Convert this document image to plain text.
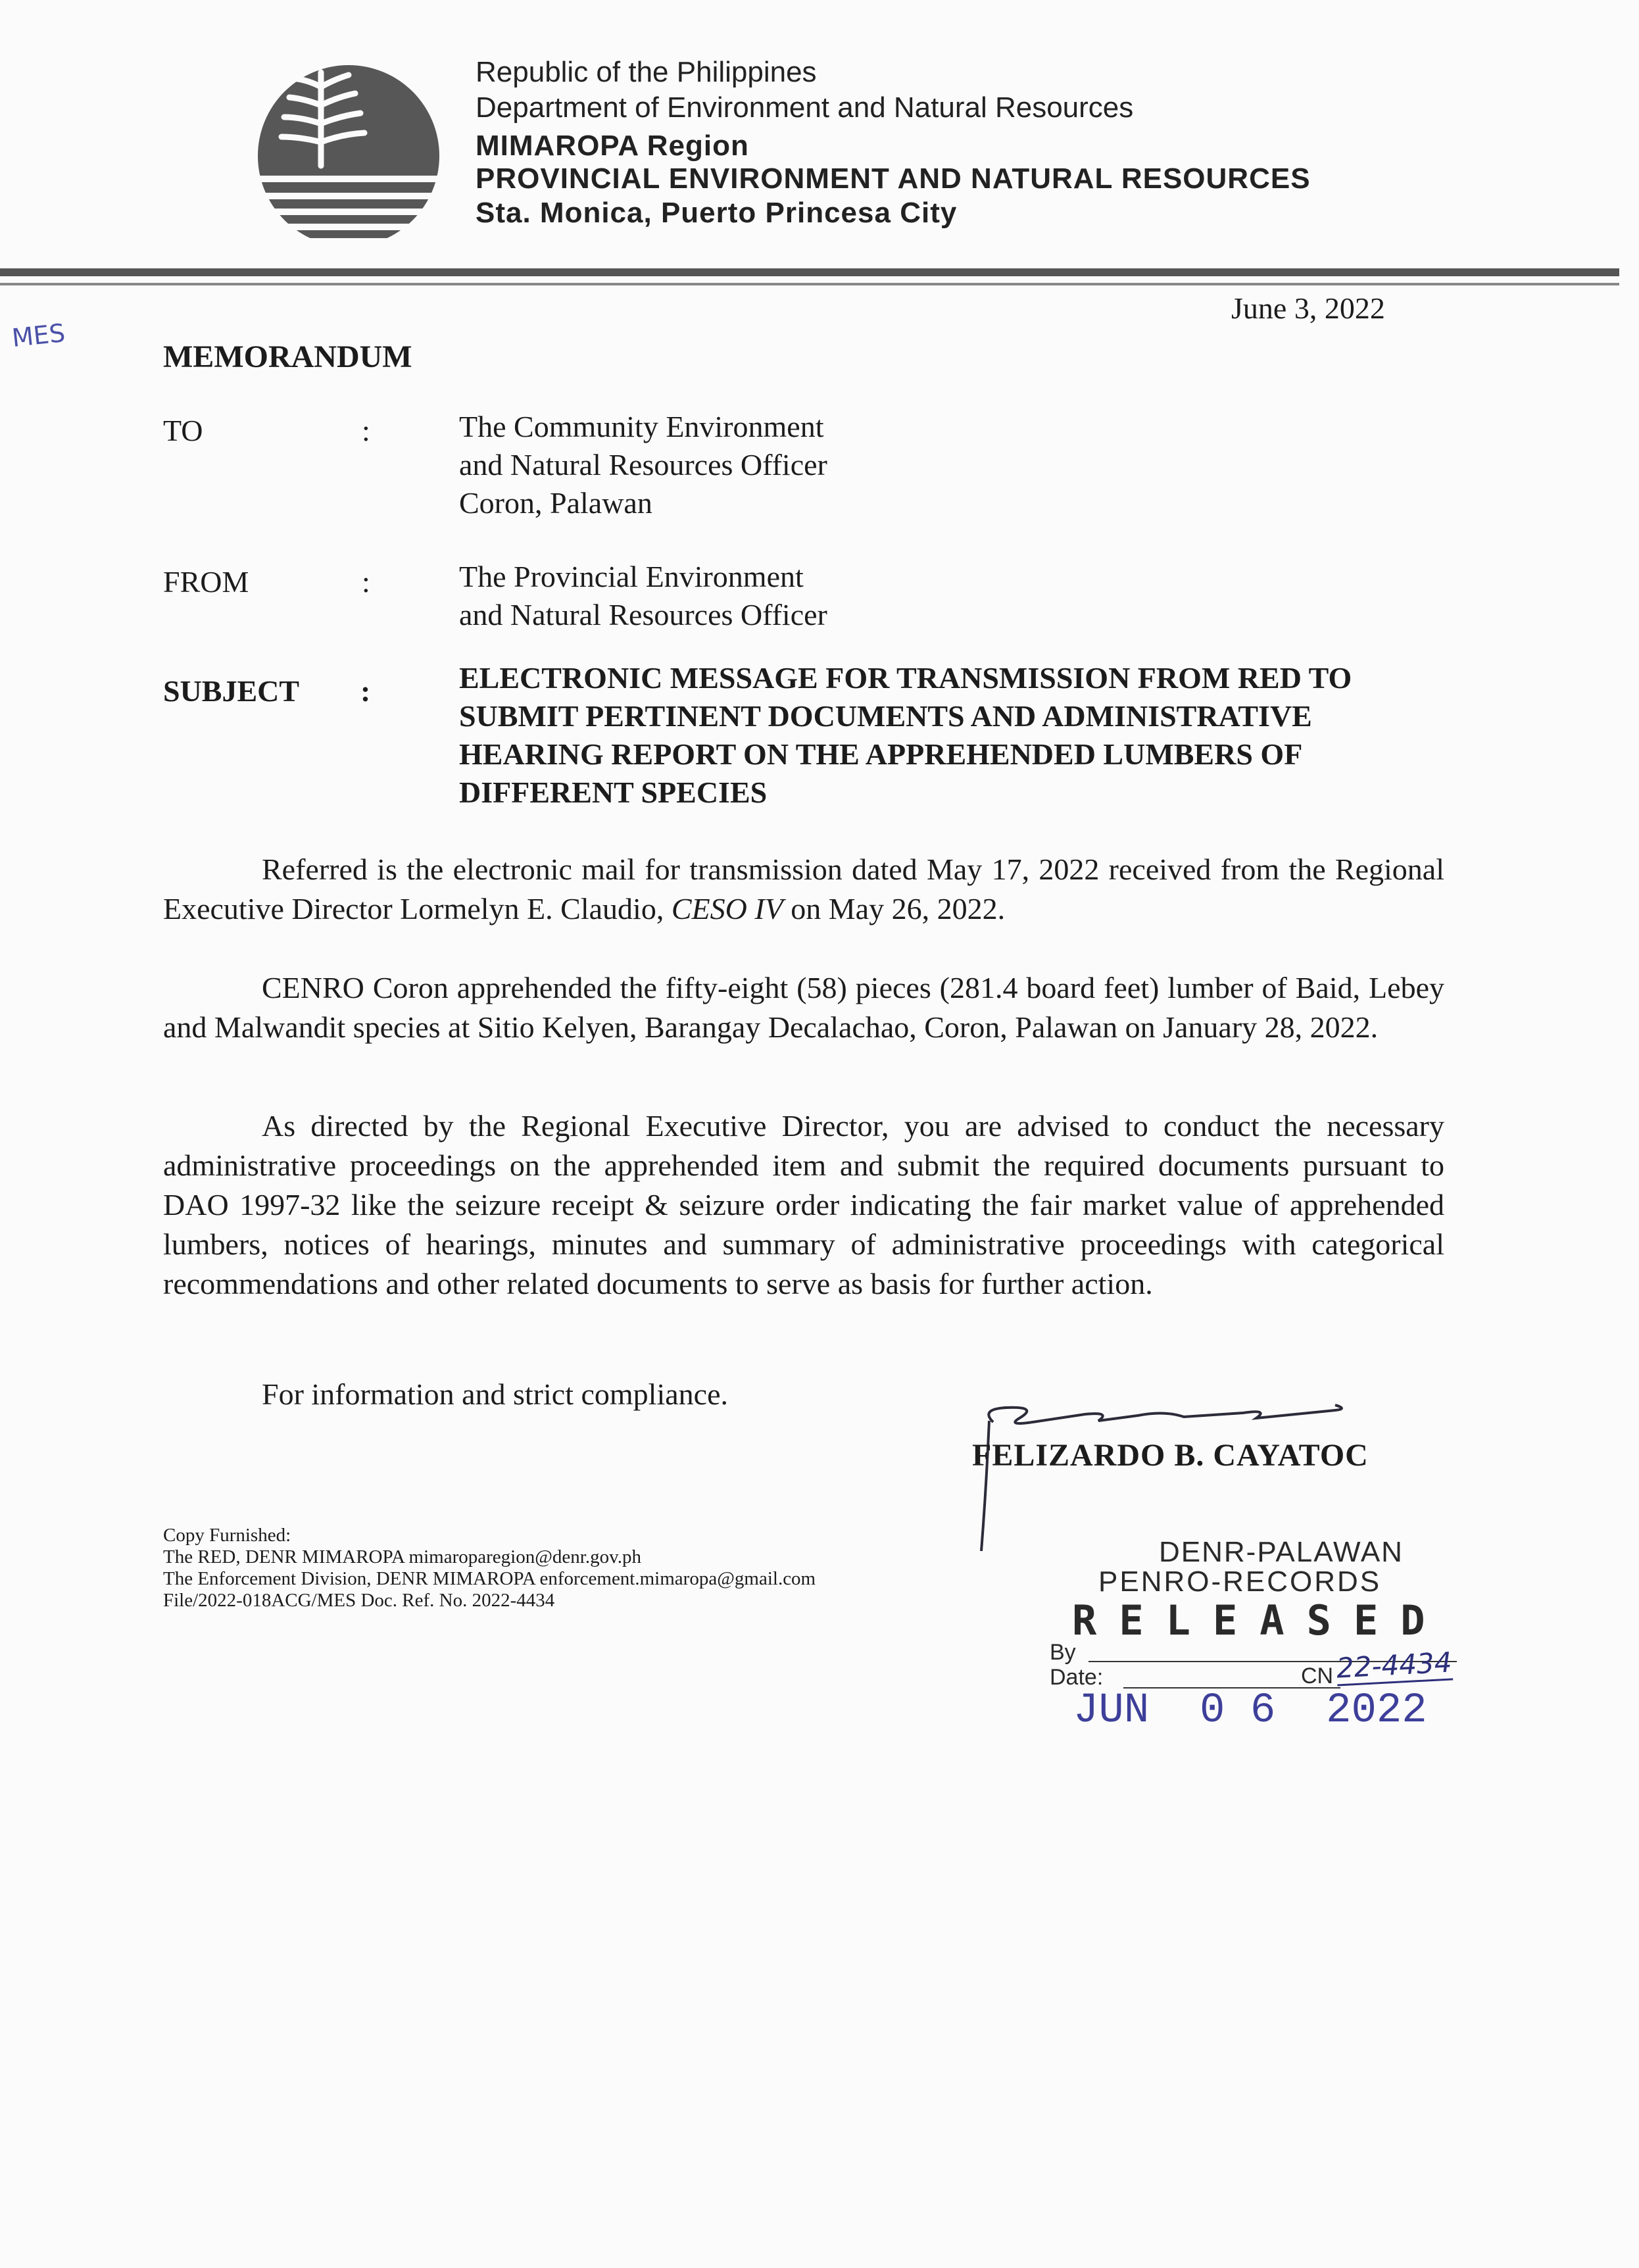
Republic of the Philippines
Department of Environment and Natural Resources
MIMAROPA Region
PROVINCIAL ENVIRONMENT AND NATURAL RESOURCES
Sta. Monica, Puerto Princesa City
MES
June 3, 2022
MEMORANDUM
TO	:	The Community Environment
and Natural Resources Officer
Coron, Palawan
FROM	:	The Provincial Environment
and Natural Resources Officer
SUBJECT :	ELECTRONIC MESSAGE FOR TRANSMISSION FROM RED TO
SUBMIT PERTINENT DOCUMENTS AND ADMINISTRATIVE
HEARING REPORT ON THE APPREHENDED LUMBERS OF
DIFFERENT SPECIES
Referred is the electronic mail for transmission dated May 17, 2022 received from the Regional Executive Director Lormelyn E. Claudio, CESO IV on May 26, 2022.
CENRO Coron apprehended the fifty-eight (58) pieces (281.4 board feet) lumber of Baid, Lebey and Malwandit species at Sitio Kelyen, Barangay Decalachao, Coron, Palawan on January 28, 2022.
As directed by the Regional Executive Director, you are advised to conduct the necessary administrative proceedings on the apprehended item and submit the required documents pursuant to DAO 1997-32 like the seizure receipt & seizure order indicating the fair market value of apprehended lumbers, notices of hearings, minutes and summary of administrative proceedings with categorical recommendations and other related documents to serve as basis for further action.
For information and strict compliance.
FELIZARDO B. CAYATOC
Copy Furnished:
The RED, DENR MIMAROPA mimaroparegion@denr.gov.ph
The Enforcement Division, DENR MIMAROPA enforcement.mimaropa@gmail.com
File/2022-018ACG/MES Doc. Ref. No. 2022-4434
DENR-PALAWAN
PENRO-RECORDS
RELEASED
By
Date:	CN 22-4434
JUN  0 6  2022
